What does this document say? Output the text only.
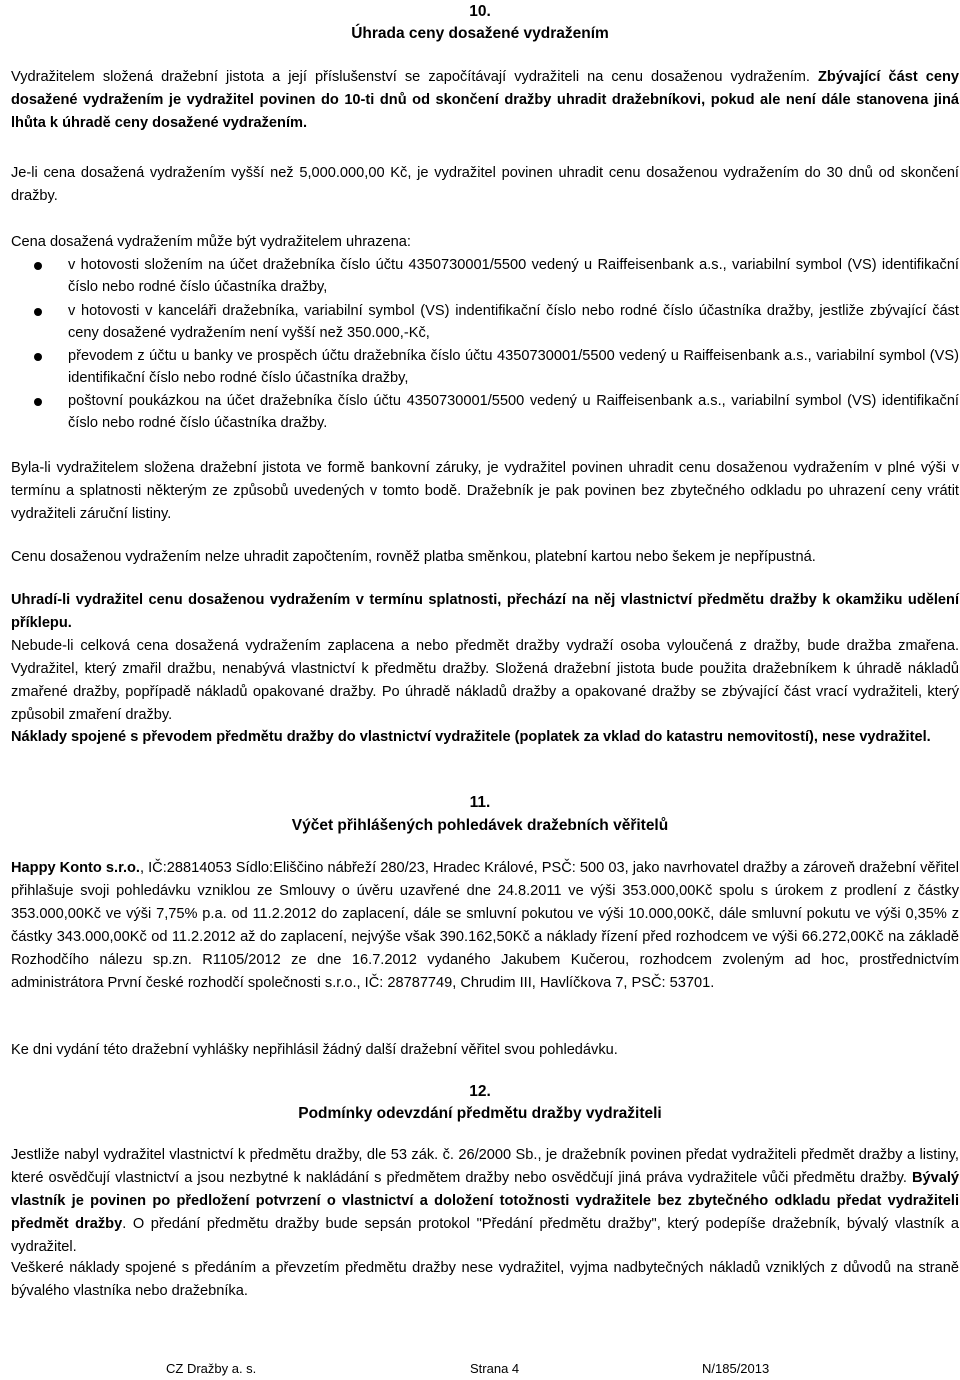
10.
Úhrada ceny dosažené vydražením

Vydražitelem složená dražební jistota a její příslušenství se započítávají vydražiteli na cenu dosaženou vydražením. Zbývající část ceny dosažené vydražením je vydražitel povinen do 10-ti dnů od skončení dražby uhradit dražebníkovi, pokud ale není dále stanovena jiná lhůta k úhradě ceny dosažené vydražením.

Je-li cena dosažená vydražením vyšší než 5,000.000,00 Kč, je vydražitel povinen uhradit cenu dosaženou vydražením do 30 dnů od skončení dražby.

Cena dosažená vydražením může být vydražitelem uhrazena:

v hotovosti složením na účet dražebníka číslo účtu 4350730001/5500 vedený u Raiffeisenbank a.s., variabilní symbol (VS) identifikační číslo nebo rodné číslo účastníka dražby,

v hotovosti v kanceláři dražebníka, variabilní symbol (VS) indentifikační číslo nebo rodné číslo účastníka dražby, jestliže zbývající část ceny dosažené vydražením není vyšší než 350.000,-Kč,

převodem z účtu u banky ve prospěch účtu dražebníka číslo účtu 4350730001/5500 vedený u Raiffeisenbank a.s., variabilní symbol (VS) identifikační číslo nebo rodné číslo účastníka dražby,

poštovní poukázkou na účet dražebníka číslo účtu 4350730001/5500 vedený u Raiffeisenbank a.s., variabilní symbol (VS) identifikační číslo nebo rodné číslo účastníka dražby.

Byla-li vydražitelem složena dražební jistota ve formě bankovní záruky, je vydražitel povinen uhradit cenu dosaženou vydražením v plné výši v termínu a splatnosti některým ze způsobů uvedených v tomto bodě. Dražebník je pak povinen bez zbytečného odkladu po uhrazení ceny vrátit vydražiteli záruční listiny.

Cenu dosaženou vydražením nelze uhradit započtením, rovněž platba směnkou, platební kartou nebo šekem je nepřípustná.

Uhradí-li vydražitel cenu dosaženou vydražením v termínu splatnosti, přechází na něj vlastnictví předmětu dražby k okamžiku udělení příklepu.

Nebude-li celková cena dosažená vydražením zaplacena a nebo předmět dražby vydraží osoba vyloučená z dražby, bude dražba zmařena. Vydražitel, který zmařil dražbu, nenabývá vlastnictví k předmětu dražby. Složená dražební jistota bude použita dražebníkem k úhradě nákladů zmařené dražby, popřípadě nákladů opakované dražby. Po úhradě nákladů dražby a opakované dražby se zbývající část vrací vydražiteli, který způsobil zmaření dražby.

Náklady spojené s převodem předmětu dražby do vlastnictví vydražitele (poplatek za vklad do katastru nemovitostí), nese vydražitel.

11.
Výčet přihlášených pohledávek dražebních věřitelů

Happy Konto s.r.o., IČ:28814053 Sídlo:Eliščino nábřeží 280/23, Hradec Králové, PSČ: 500 03, jako navrhovatel dražby a zároveň dražební věřitel přihlašuje svoji pohledávku vzniklou ze Smlouvy o úvěru uzavřené dne 24.8.2011 ve výši 353.000,00Kč spolu s úrokem z prodlení z částky 353.000,00Kč ve výši 7,75% p.a. od 11.2.2012 do zaplacení, dále se smluvní pokutou ve výši 10.000,00Kč, dále smluvní pokutu ve výši 0,35% z částky 343.000,00Kč od 11.2.2012 až do zaplacení, nejvýše však 390.162,50Kč a náklady řízení před rozhodcem ve výši 66.272,00Kč na základě Rozhodčího nálezu sp.zn. R1105/2012 ze dne 16.7.2012 vydaného Jakubem Kučerou, rozhodcem zvoleným ad hoc, prostřednictvím administrátora První české rozhodčí společnosti s.r.o., IČ: 28787749, Chrudim III, Havlíčkova 7, PSČ: 53701.

Ke dni vydání této dražební vyhlášky nepřihlásil žádný další dražební věřitel svou pohledávku.

12.
Podmínky odevzdání předmětu dražby vydražiteli

Jestliže nabyl vydražitel vlastnictví k předmětu dražby, dle 53 zák. č. 26/2000 Sb., je dražebník povinen předat vydražiteli předmět dražby a listiny, které osvědčují vlastnictví a jsou nezbytné k nakládání s předmětem dražby nebo osvědčují jiná práva vydražitele vůči předmětu dražby. Bývalý vlastník je povinen po předložení potvrzení o vlastnictví a doložení totožnosti vydražitele bez zbytečného odkladu předat vydražiteli předmět dražby. O předání předmětu dražby bude sepsán protokol "Předání předmětu dražby", který podepíše dražebník, bývalý vlastník a vydražitel.

Veškeré náklady spojené s předáním a převzetím předmětu dražby nese vydražitel, vyjma nadbytečných nákladů vzniklých z důvodů na straně bývalého vlastníka nebo dražebníka.

CZ Dražby a. s.	Strana 4	N/185/2013
